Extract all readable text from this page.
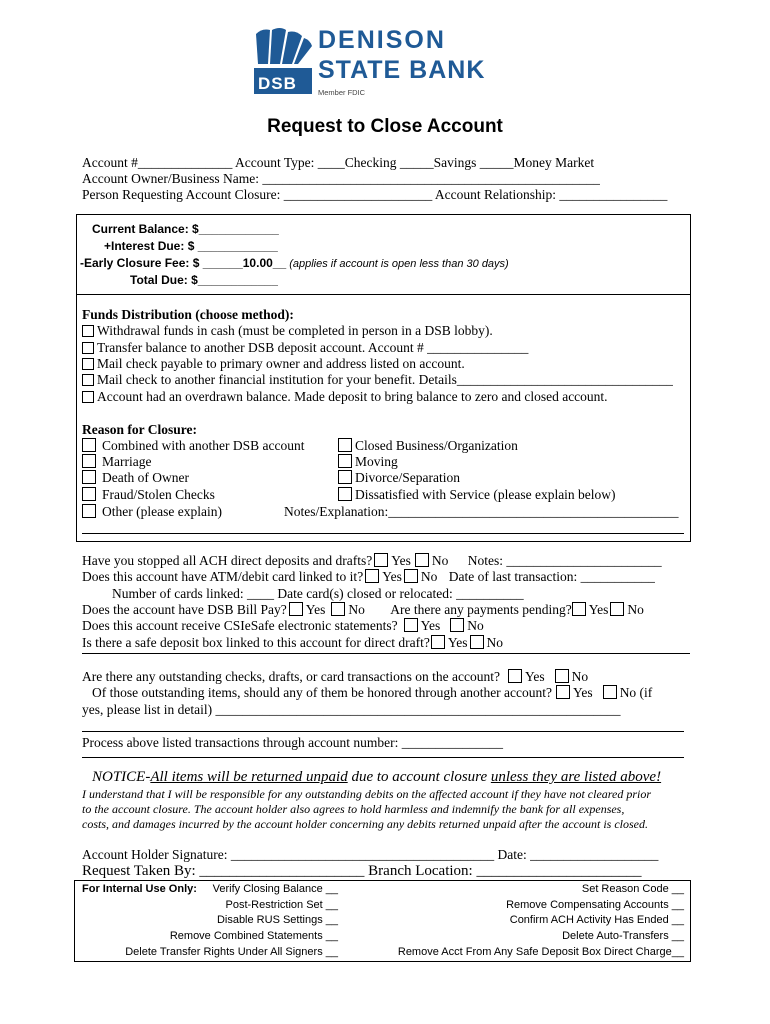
DSB
DENISON
STATE BANK
Member FDIC
Request to Close Account
Account #______________ Account Type: ____Checking _____Savings _____Money Market
Account Owner/Business Name: __________________________________________________
Person Requesting Account Closure: ______________________ Account Relationship: ________________
Current Balance: $____________
+Interest Due: $ ____________
-Early Closure Fee: $ ______10.00__ (applies if account is open less than 30 days)
Total Due: $____________
Funds Distribution (choose method):
Withdrawal funds in cash (must be completed in person in a DSB lobby).
Transfer balance to another DSB deposit account. Account # _______________
Mail check payable to primary owner and address listed on account.
Mail check to another financial institution for your benefit. Details________________________________
Account had an overdrawn balance. Made deposit to bring balance to zero and closed account.
Reason for Closure:
Combined with another DSB account
Marriage
Death of Owner
Fraud/Stolen Checks
Other (please explain)
Closed Business/Organization
Moving
Divorce/Separation
Dissatisfied with Service (please explain below)
Notes/Explanation:___________________________________________
Have you stopped all ACH direct deposits and drafts? Yes No Notes: _______________________
Does this account have ATM/debit card linked to it? Yes No Date of last transaction: ___________
Number of cards linked: ____ Date card(s) closed or relocated: __________
Does the account have DSB Bill Pay? Yes No Are there any payments pending? Yes No
Does this account receive CSIeSafe electronic statements? Yes No
Is there a safe deposit box linked to this account for direct draft? Yes No
Are there any outstanding checks, drafts, or card transactions on the account? Yes No
Of those outstanding items, should any of them be honored through another account? Yes No (if
yes, please list in detail) ____________________________________________________________
Process above listed transactions through account number: _______________
NOTICE-All items will be returned unpaid due to account closure unless they are listed above!
I understand that I will be responsible for any outstanding debits on the affected account if they have not cleared prior
to the account closure. The account holder also agrees to hold harmless and indemnify the bank for all expenses,
costs, and damages incurred by the account holder concerning any debits returned unpaid after the account is closed.
Account Holder Signature: _______________________________________ Date: ___________________
Request Taken By: ______________________ Branch Location: ______________________
For Internal Use Only:	Verify Closing Balance __
Post-Restriction Set __
Disable RUS Settings __
Remove Combined Statements __
Delete Transfer Rights Under All Signers __
Set Reason Code __
Remove Compensating Accounts __
Confirm ACH Activity Has Ended __
Delete Auto-Transfers __
Remove Acct From Any Safe Deposit Box Direct Charge__
